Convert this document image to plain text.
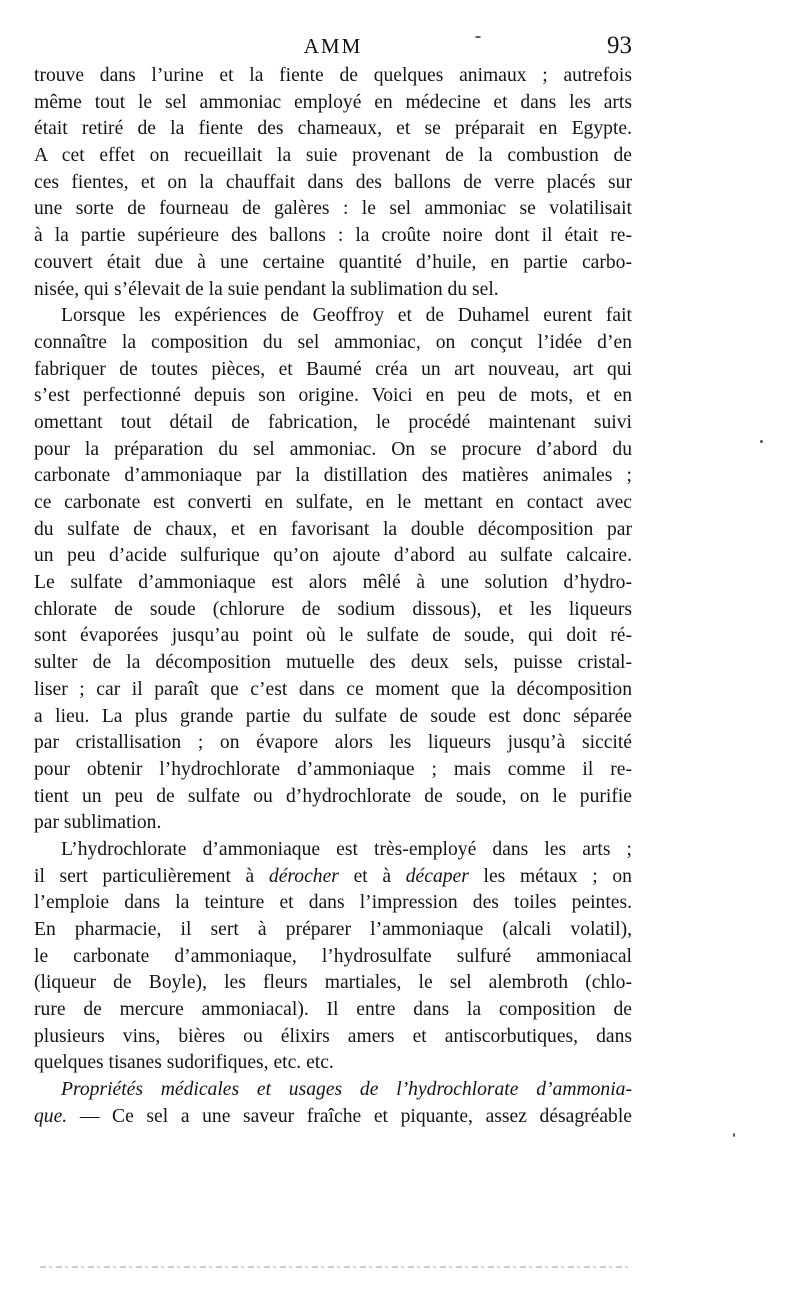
AMM	93
trouve dans l’urine et la fiente de quelques animaux ; autrefois
même tout le sel ammoniac employé en médecine et dans les arts
était retiré de la fiente des chameaux, et se préparait en Egypte.
A cet effet on recueillait la suie provenant de la combustion de
ces fientes, et on la chauffait dans des ballons de verre placés sur
une sorte de fourneau de galères : le sel ammoniac se volatilisait
à la partie supérieure des ballons : la croûte noire dont il était re-
couvert était due à une certaine quantité d’huile, en partie carbo-
nisée, qui s’élevait de la suie pendant la sublimation du sel.
Lorsque les expériences de Geoffroy et de Duhamel eurent fait
connaître la composition du sel ammoniac, on conçut l’idée d’en
fabriquer de toutes pièces, et Baumé créa un art nouveau, art qui
s’est perfectionné depuis son origine. Voici en peu de mots, et en
omettant tout détail de fabrication, le procédé maintenant suivi
pour la préparation du sel ammoniac. On se procure d’abord du
carbonate d’ammoniaque par la distillation des matières animales ;
ce carbonate est converti en sulfate, en le mettant en contact avec
du sulfate de chaux, et en favorisant la double décomposition par
un peu d’acide sulfurique qu’on ajoute d’abord au sulfate calcaire.
Le sulfate d’ammoniaque est alors mêlé à une solution d’hydro-
chlorate de soude (chlorure de sodium dissous), et les liqueurs
sont évaporées jusqu’au point où le sulfate de soude, qui doit ré-
sulter de la décomposition mutuelle des deux sels, puisse cristal-
liser ; car il paraît que c’est dans ce moment que la décomposition
a lieu. La plus grande partie du sulfate de soude est donc séparée
par cristallisation ; on évapore alors les liqueurs jusqu’à siccité
pour obtenir l’hydrochlorate d’ammoniaque ; mais comme il re-
tient un peu de sulfate ou d’hydrochlorate de soude, on le purifie
par sublimation.
L’hydrochlorate d’ammoniaque est très-employé dans les arts ;
il sert particulièrement à dérocher et à décaper les métaux ; on
l’emploie dans la teinture et dans l’impression des toiles peintes.
En pharmacie, il sert à préparer l’ammoniaque (alcali volatil),
le carbonate d’ammoniaque, l’hydrosulfate sulfuré ammoniacal
(liqueur de Boyle), les fleurs martiales, le sel alembroth (chlo-
rure de mercure ammoniacal). Il entre dans la composition de
plusieurs vins, bières ou élixirs amers et antiscorbutiques, dans
quelques tisanes sudorifiques, etc. etc.
Propriétés médicales et usages de l’hydrochlorate d’ammonia-
que. — Ce sel a une saveur fraîche et piquante, assez désagréable
